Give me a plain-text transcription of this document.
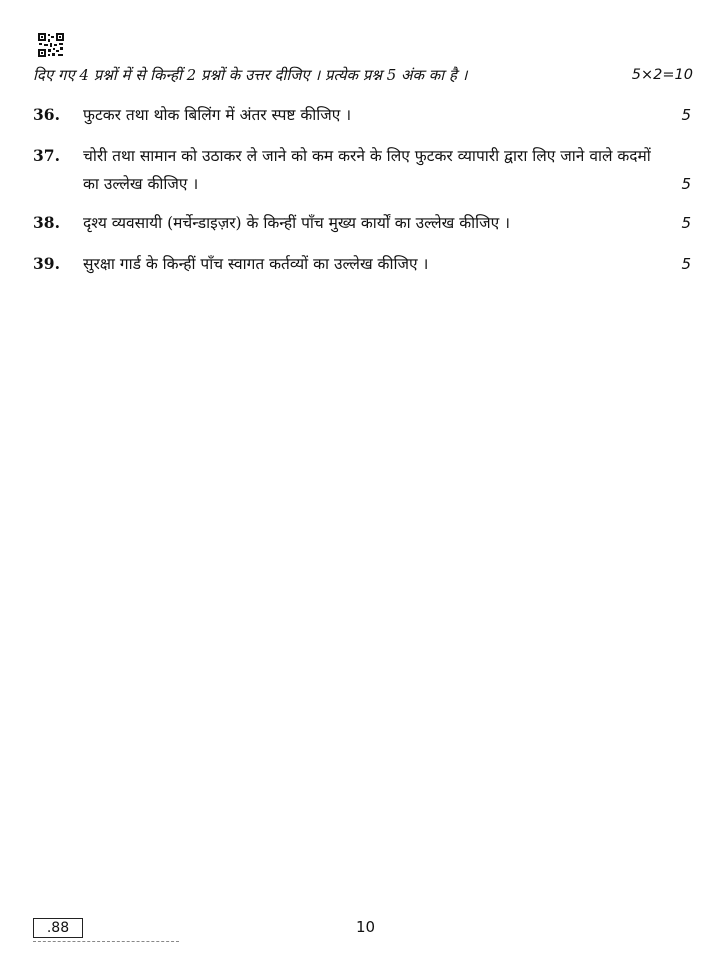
दिए गए 4 प्रश्नों में से किन्हीं 2 प्रश्नों के उत्तर दीजिए । प्रत्येक प्रश्न 5 अंक का है ।	5×2=10
36.	फुटकर तथा थोक बिलिंग में अंतर स्पष्ट कीजिए ।	5
37.	चोरी तथा सामान को उठाकर ले जाने को कम करने के लिए फुटकर व्यापारी द्वारा लिए जाने वाले कदमों का उल्लेख कीजिए ।	5
38.	दृश्य व्यवसायी (मर्चेन्डाइज़र) के किन्हीं पाँच मुख्य कार्यों का उल्लेख कीजिए ।	5
39.	सुरक्षा गार्ड के किन्हीं पाँच स्वागत कर्तव्यों का उल्लेख कीजिए ।	5
.88	10
